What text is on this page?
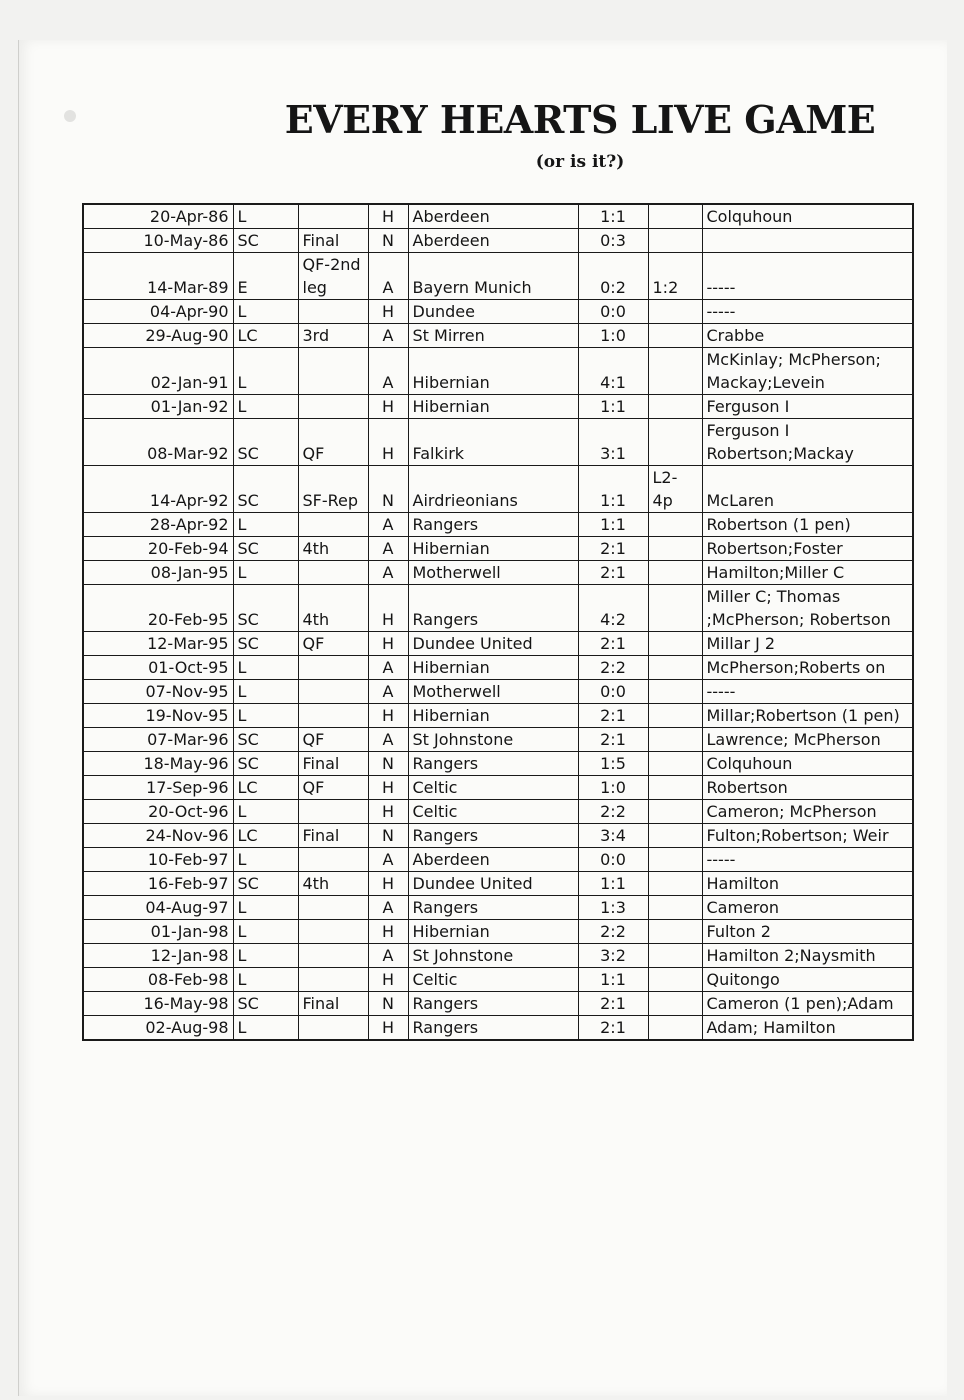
EVERY HEARTS LIVE GAME
(or is it?)
20-Apr-86	L		H	Aberdeen	1:1		Colquhoun
10-May-86	SC	Final	N	Aberdeen	0:3		
14-Mar-89	E	QF-2nd leg	A	Bayern Munich	0:2	1:2	-----
04-Apr-90	L		H	Dundee	0:0		-----
29-Aug-90	LC	3rd	A	St Mirren	1:0		Crabbe
02-Jan-91	L		A	Hibernian	4:1		McKinlay; McPherson; Mackay;Levein
01-Jan-92	L		H	Hibernian	1:1		Ferguson I
08-Mar-92	SC	QF	H	Falkirk	3:1		Ferguson I Robertson;Mackay
14-Apr-92	SC	SF-Rep	N	Airdrieonians	1:1	L2-4p	McLaren
28-Apr-92	L		A	Rangers	1:1		Robertson (1 pen)
20-Feb-94	SC	4th	A	Hibernian	2:1		Robertson;Foster
08-Jan-95	L		A	Motherwell	2:1		Hamilton;Miller C
20-Feb-95	SC	4th	H	Rangers	4:2		Miller C; Thomas ;McPherson; Robertson
12-Mar-95	SC	QF	H	Dundee United	2:1		Millar J 2
01-Oct-95	L		A	Hibernian	2:2		McPherson;Roberts on
07-Nov-95	L		A	Motherwell	0:0		-----
19-Nov-95	L		H	Hibernian	2:1		Millar;Robertson (1 pen)
07-Mar-96	SC	QF	A	St Johnstone	2:1		Lawrence; McPherson
18-May-96	SC	Final	N	Rangers	1:5		Colquhoun
17-Sep-96	LC	QF	H	Celtic	1:0		Robertson
20-Oct-96	L		H	Celtic	2:2		Cameron; McPherson
24-Nov-96	LC	Final	N	Rangers	3:4		Fulton;Robertson; Weir
10-Feb-97	L		A	Aberdeen	0:0		-----
16-Feb-97	SC	4th	H	Dundee United	1:1		Hamilton
04-Aug-97	L		A	Rangers	1:3		Cameron
01-Jan-98	L		H	Hibernian	2:2		Fulton 2
12-Jan-98	L		A	St Johnstone	3:2		Hamilton 2;Naysmith
08-Feb-98	L		H	Celtic	1:1		Quitongo
16-May-98	SC	Final	N	Rangers	2:1		Cameron (1 pen);Adam
02-Aug-98	L		H	Rangers	2:1		Adam; Hamilton
